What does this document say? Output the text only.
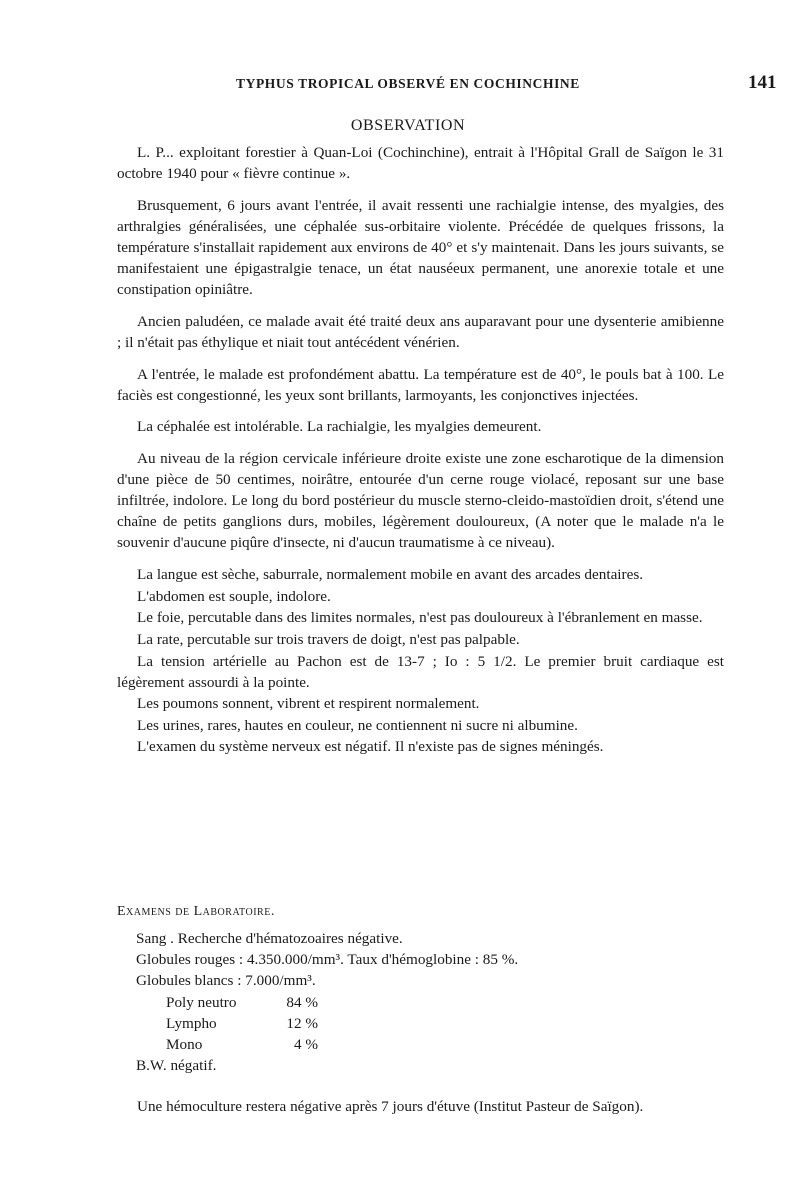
TYPHUS TROPICAL OBSERVÉ EN COCHINCHINE	141
OBSERVATION

L. P... exploitant forestier à Quan-Loi (Cochinchine), entrait à l'Hôpital Grall de Saïgon le 31 octobre 1940 pour « fièvre continue ».

Brusquement, 6 jours avant l'entrée, il avait ressenti une rachialgie intense, des myalgies, des arthralgies généralisées, une céphalée sus-orbitaire violente. Précédée de quelques frissons, la température s'installait rapidement aux environs de 40° et s'y maintenait. Dans les jours suivants, se manifestaient une épigastralgie tenace, un état nauséeux permanent, une anorexie totale et une constipation opiniâtre.

Ancien paludéen, ce malade avait été traité deux ans auparavant pour une dysenterie amibienne ; il n'était pas éthylique et niait tout antécédent vénérien.

A l'entrée, le malade est profondément abattu. La température est de 40°, le pouls bat à 100. Le faciès est congestionné, les yeux sont brillants, larmoyants, les conjonctives injectées.

La céphalée est intolérable. La rachialgie, les myalgies demeurent.

Au niveau de la région cervicale inférieure droite existe une zone escharotique de la dimension d'une pièce de 50 centimes, noirâtre, entourée d'un cerne rouge violacé, reposant sur une base infiltrée, indolore. Le long du bord postérieur du muscle sterno-cleido-mastoïdien droit, s'étend une chaîne de petits ganglions durs, mobiles, légèrement douloureux, (A noter que le malade n'a le souvenir d'aucune piqûre d'insecte, ni d'aucun traumatisme à ce niveau).

La langue est sèche, saburrale, normalement mobile en avant des arcades dentaires.

L'abdomen est souple, indolore.

Le foie, percutable dans des limites normales, n'est pas douloureux à l'ébranlement en masse.

La rate, percutable sur trois travers de doigt, n'est pas palpable.

La tension artérielle au Pachon est de 13-7 ; Io : 5 1/2. Le premier bruit cardiaque est légèrement assourdi à la pointe.

Les poumons sonnent, vibrent et respirent normalement.

Les urines, rares, hautes en couleur, ne contiennent ni sucre ni albumine.

L'examen du système nerveux est négatif. Il n'existe pas de signes méningés.

Examens de Laboratoire.
Sang . Recherche d'hématozoaires négative.
Globules rouges : 4.350.000/mm³. Taux d'hémoglobine : 85 %.
Globules blancs : 7.000/mm³.
Poly neutro	84 %
Lympho	12 %
Mono	4 %
B.W. négatif.

Une hémoculture restera négative après 7 jours d'étuve (Institut Pasteur de Saïgon).
